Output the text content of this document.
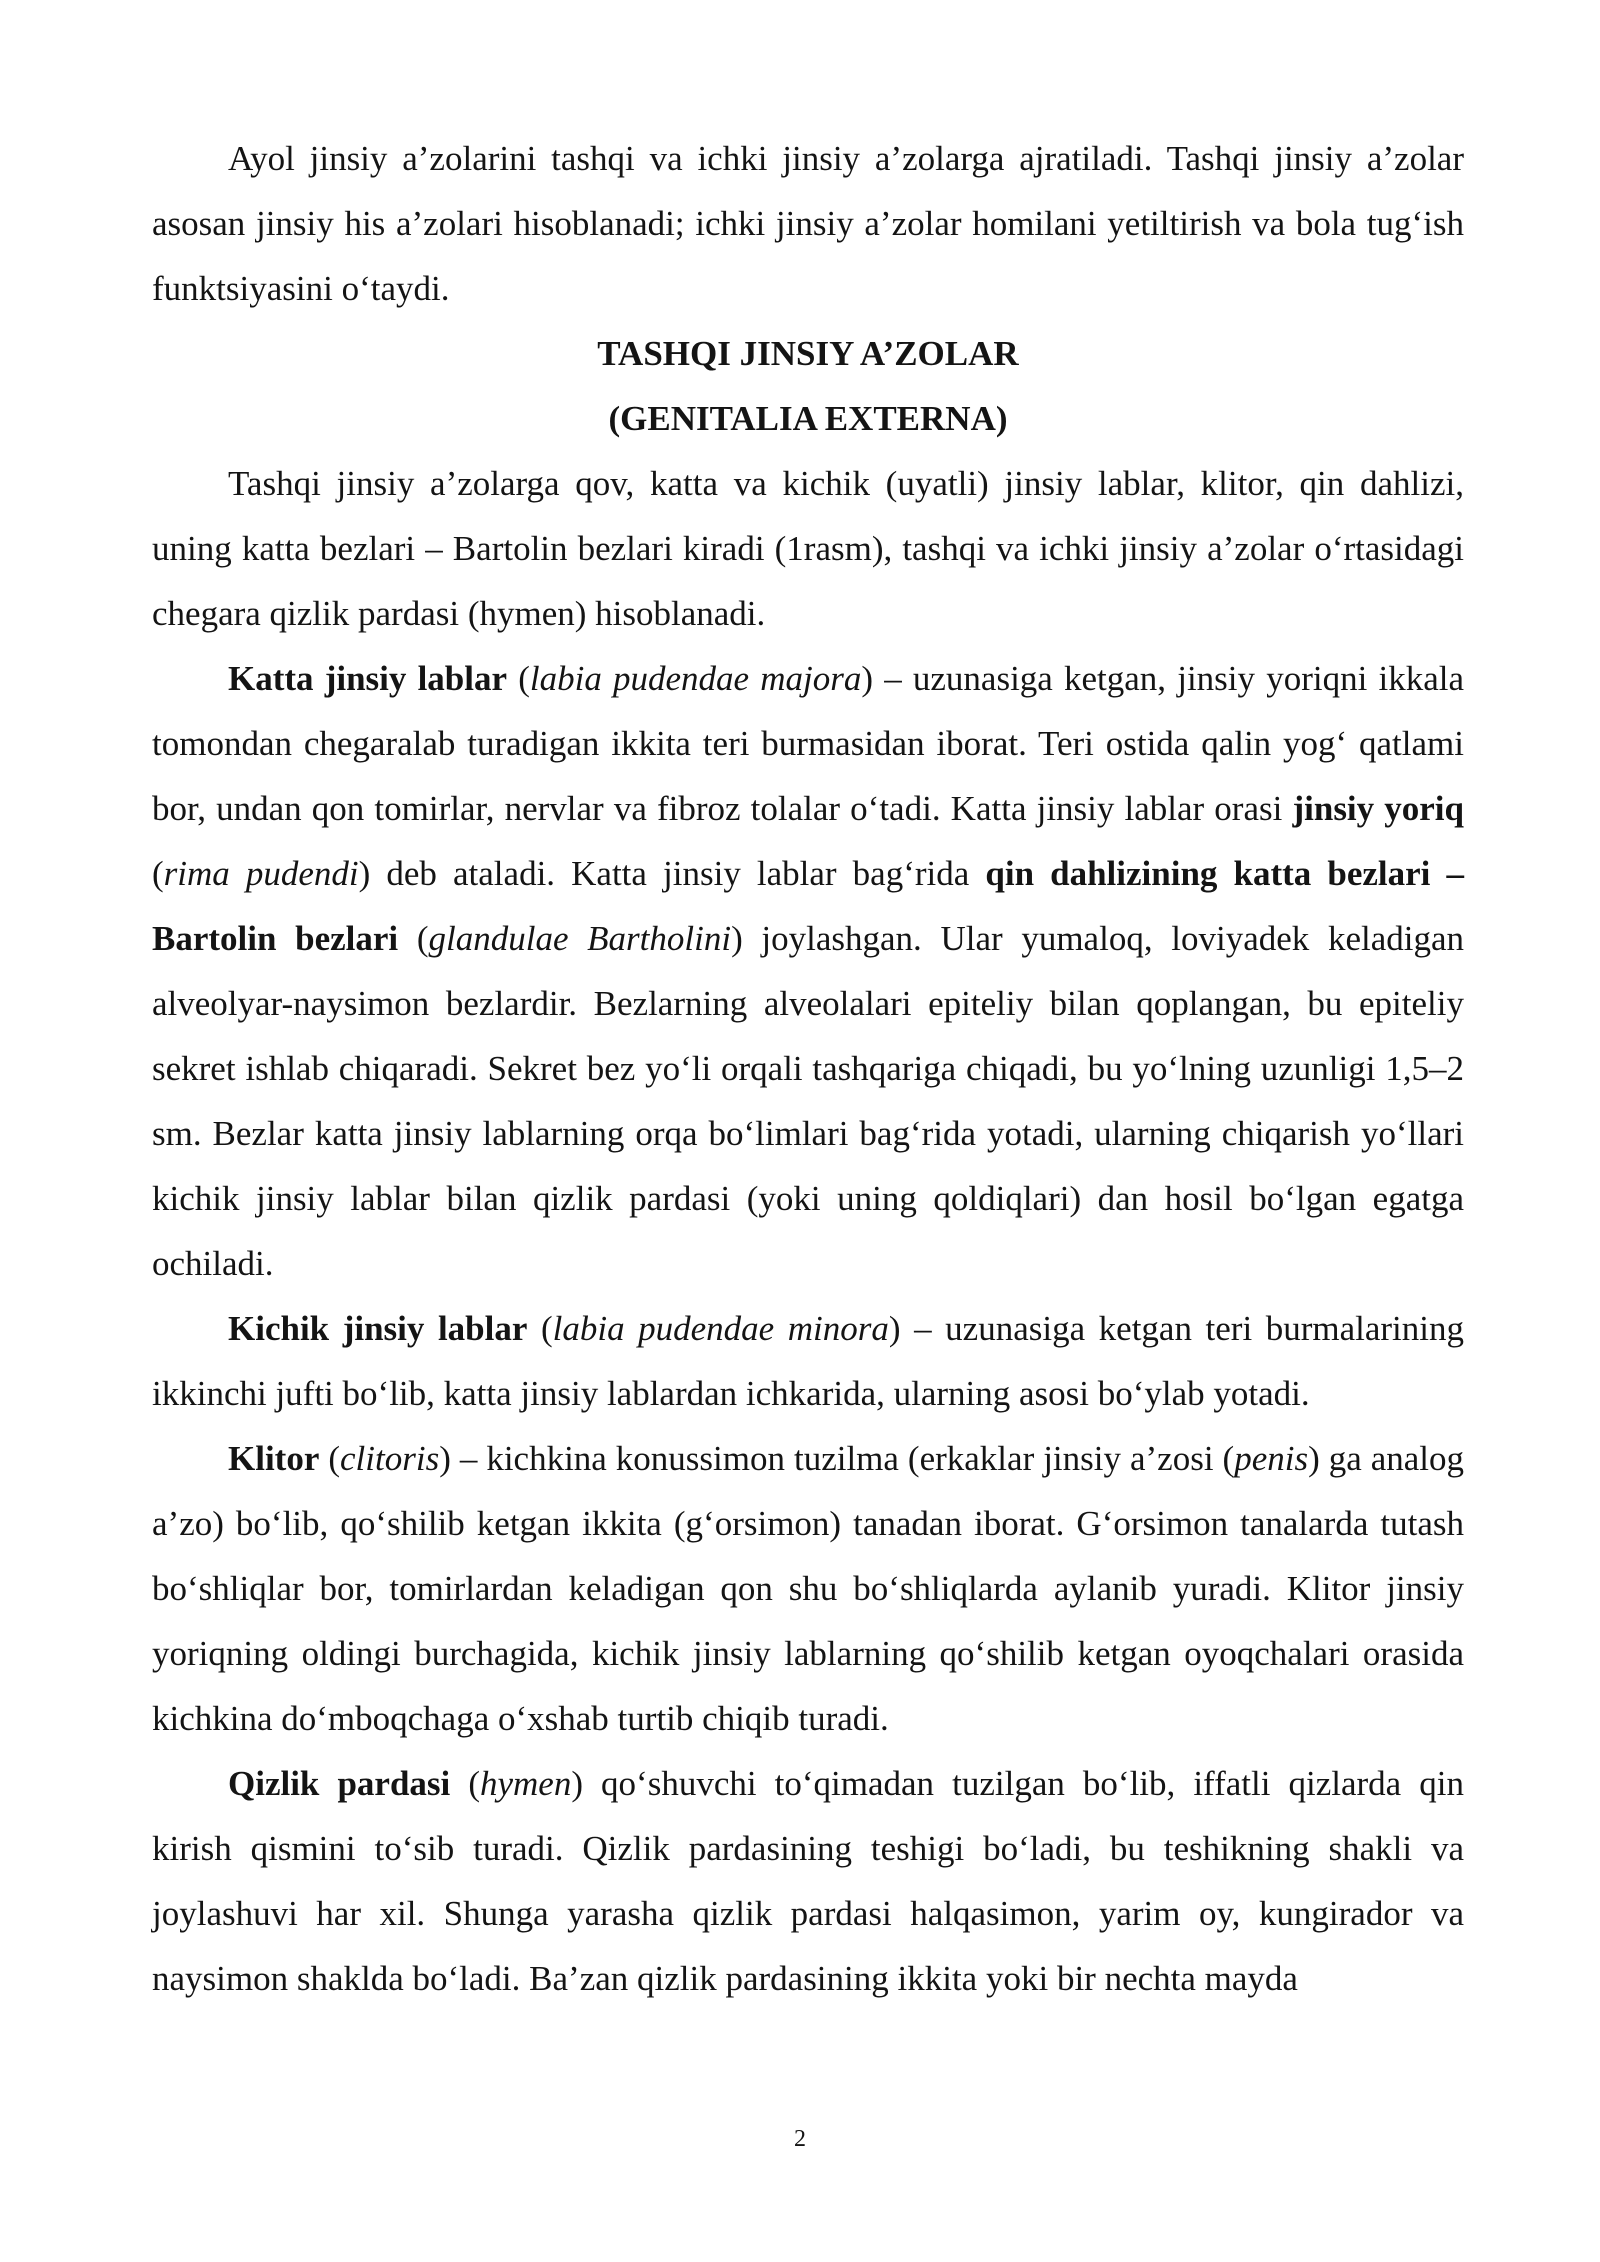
Ayol jinsiy a’zolarini tashqi va ichki jinsiy a’zolarga ajratiladi. Tashqi jinsiy a’zolar asosan jinsiy his a’zolari hisoblanadi; ichki jinsiy a’zolar homilani yetiltirish va bola tug‘ish funktsiyasini o‘taydi.

TASHQI JINSIY A’ZOLAR
(GENITALIA EXTERNA)

Tashqi jinsiy a’zolarga qov, katta va kichik (uyatli) jinsiy lablar, klitor, qin dahlizi, uning katta bezlari – Bartolin bezlari kiradi (1rasm), tashqi va ichki jinsiy a’zolar o‘rtasidagi chegara qizlik pardasi (hymen) hisoblanadi.

Katta jinsiy lablar (labia pudendae majora) – uzunasiga ketgan, jinsiy yoriqni ikkala tomondan chegaralab turadigan ikkita teri burmasidan iborat. Teri ostida qalin yog‘ qatlami bor, undan qon tomirlar, nervlar va fibroz tolalar o‘tadi. Katta jinsiy lablar orasi jinsiy yoriq (rima pudendi) deb ataladi. Katta jinsiy lablar bag‘rida qin dahlizining katta bezlari – Bartolin bezlari (glandulae Bartholini) joylashgan. Ular yumaloq, loviyadek keladigan alveolyar-naysimon bezlardir. Bezlarning alveolalari epiteliy bilan qoplangan, bu epiteliy sekret ishlab chiqaradi. Sekret bez yo‘li orqali tashqariga chiqadi, bu yo‘lning uzunligi 1,5–2 sm. Bezlar katta jinsiy lablarning orqa bo‘limlari bag‘rida yotadi, ularning chiqarish yo‘llari kichik jinsiy lablar bilan qizlik pardasi (yoki uning qoldiqlari) dan hosil bo‘lgan egatga ochiladi.

Kichik jinsiy lablar (labia pudendae minora) – uzunasiga ketgan teri burmalarining ikkinchi jufti bo‘lib, katta jinsiy lablardan ichkarida, ularning asosi bo‘ylab yotadi.

Klitor (clitoris) – kichkina konussimon tuzilma (erkaklar jinsiy a’zosi (penis) ga analog a’zo) bo‘lib, qo‘shilib ketgan ikkita (g‘orsimon) tanadan iborat. G‘orsimon tanalarda tutash bo‘shliqlar bor, tomirlardan keladigan qon shu bo‘shliqlarda aylanib yuradi. Klitor jinsiy yoriqning oldingi burchagida, kichik jinsiy lablarning qo‘shilib ketgan oyoqchalari orasida kichkina do‘mboqchaga o‘xshab turtib chiqib turadi.

Qizlik pardasi (hymen) qo‘shuvchi to‘qimadan tuzilgan bo‘lib, iffatli qizlarda qin kirish qismini to‘sib turadi. Qizlik pardasining teshigi bo‘ladi, bu teshikning shakli va joylashuvi har xil. Shunga yarasha qizlik pardasi halqasimon, yarim oy, kungirador va naysimon shaklda bo‘ladi. Ba’zan qizlik pardasining ikkita yoki bir nechta mayda

2
